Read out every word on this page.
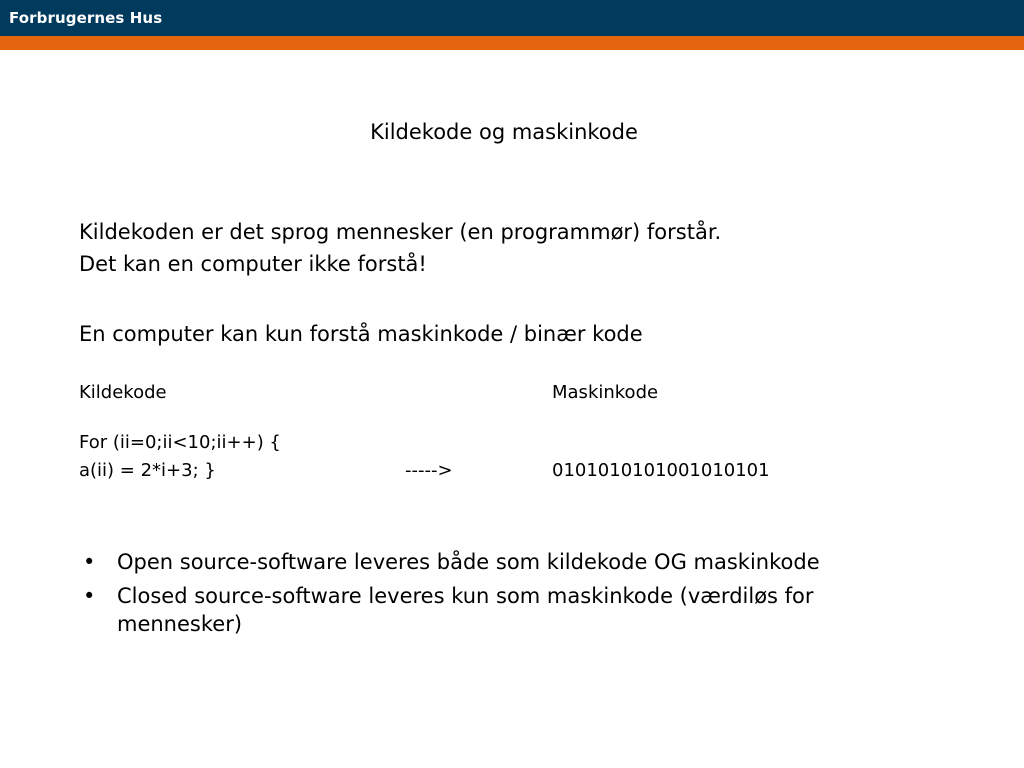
Forbrugernes Hus
Kildekode og maskinkode
Kildekoden er det sprog mennesker (en programmør) forstår.
Det kan en computer ikke forstå!
En computer kan kun forstå maskinkode / binær kode
Kildekode	Maskinkode
For (ii=0;ii<10;ii++) {
a(ii) = 2*i+3; }	----->	0101010101001010101
• Open source-software leveres både som kildekode OG maskinkode
• Closed source-software leveres kun som maskinkode (værdiløs for mennesker)
